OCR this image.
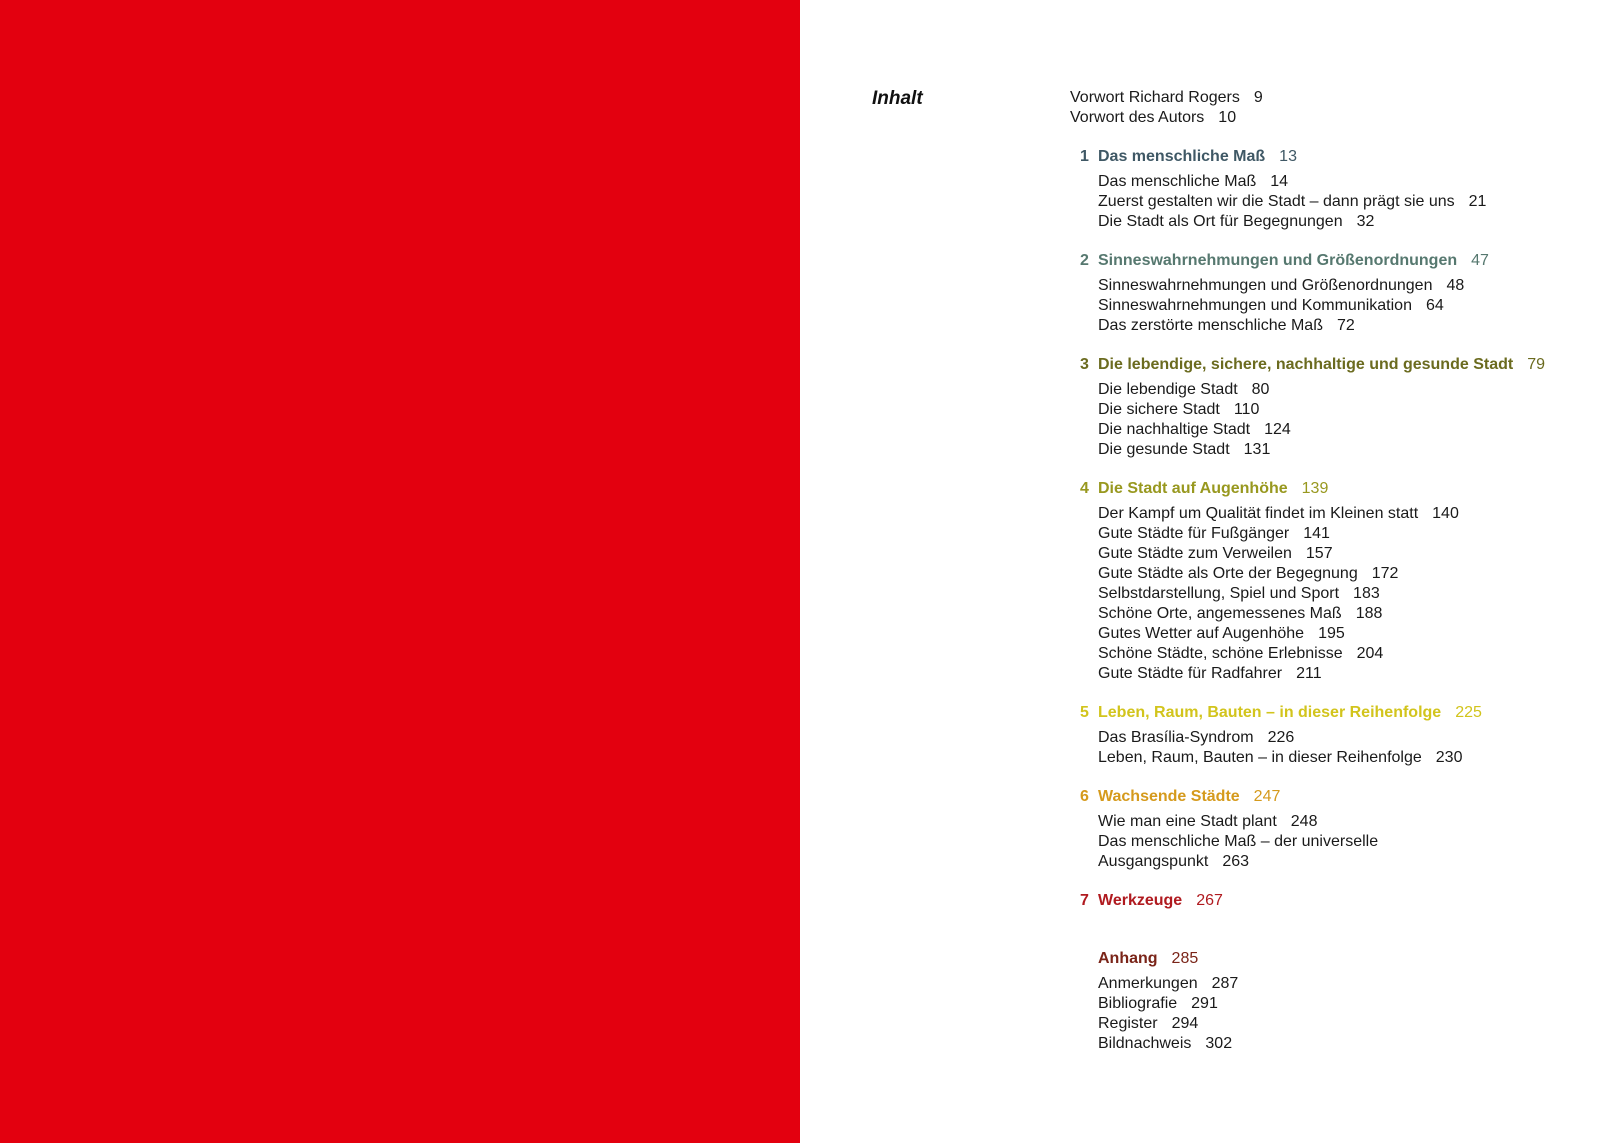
Inhalt	Vorwort Richard Rogers 9

Vorwort des Autors 10

1 Das menschliche Maß 13

Das menschliche Maß 14

Zuerst gestalten wir die Stadt – dann prägt sie uns 21

Die Stadt als Ort für Begegnungen 32

2 Sinneswahrnehmungen und Größenordnungen 47

Sinneswahrnehmungen und Größenordnungen 48

Sinneswahrnehmungen und Kommunikation 64

Das zerstörte menschliche Maß 72

3 Die lebendige, sichere, nachhaltige und gesunde Stadt 79

Die lebendige Stadt 80

Die sichere Stadt 110

Die nachhaltige Stadt 124

Die gesunde Stadt 131

4 Die Stadt auf Augenhöhe 139

Der Kampf um Qualität findet im Kleinen statt 140

Gute Städte für Fußgänger 141

Gute Städte zum Verweilen 157

Gute Städte als Orte der Begegnung 172

Selbstdarstellung, Spiel und Sport 183

Schöne Orte, angemessenes Maß 188

Gutes Wetter auf Augenhöhe 195

Schöne Städte, schöne Erlebnisse 204

Gute Städte für Radfahrer 211

5 Leben, Raum, Bauten – in dieser Reihenfolge 225

Das Brasília-Syndrom 226

Leben, Raum, Bauten – in dieser Reihenfolge 230

6 Wachsende Städte 247

Wie man eine Stadt plant 248

Das menschliche Maß – der universelle Ausgangspunkt 263

7 Werkzeuge 267
Anhang 285

Anmerkungen 287

Bibliografie 291

Register 294

Bildnachweis 302
